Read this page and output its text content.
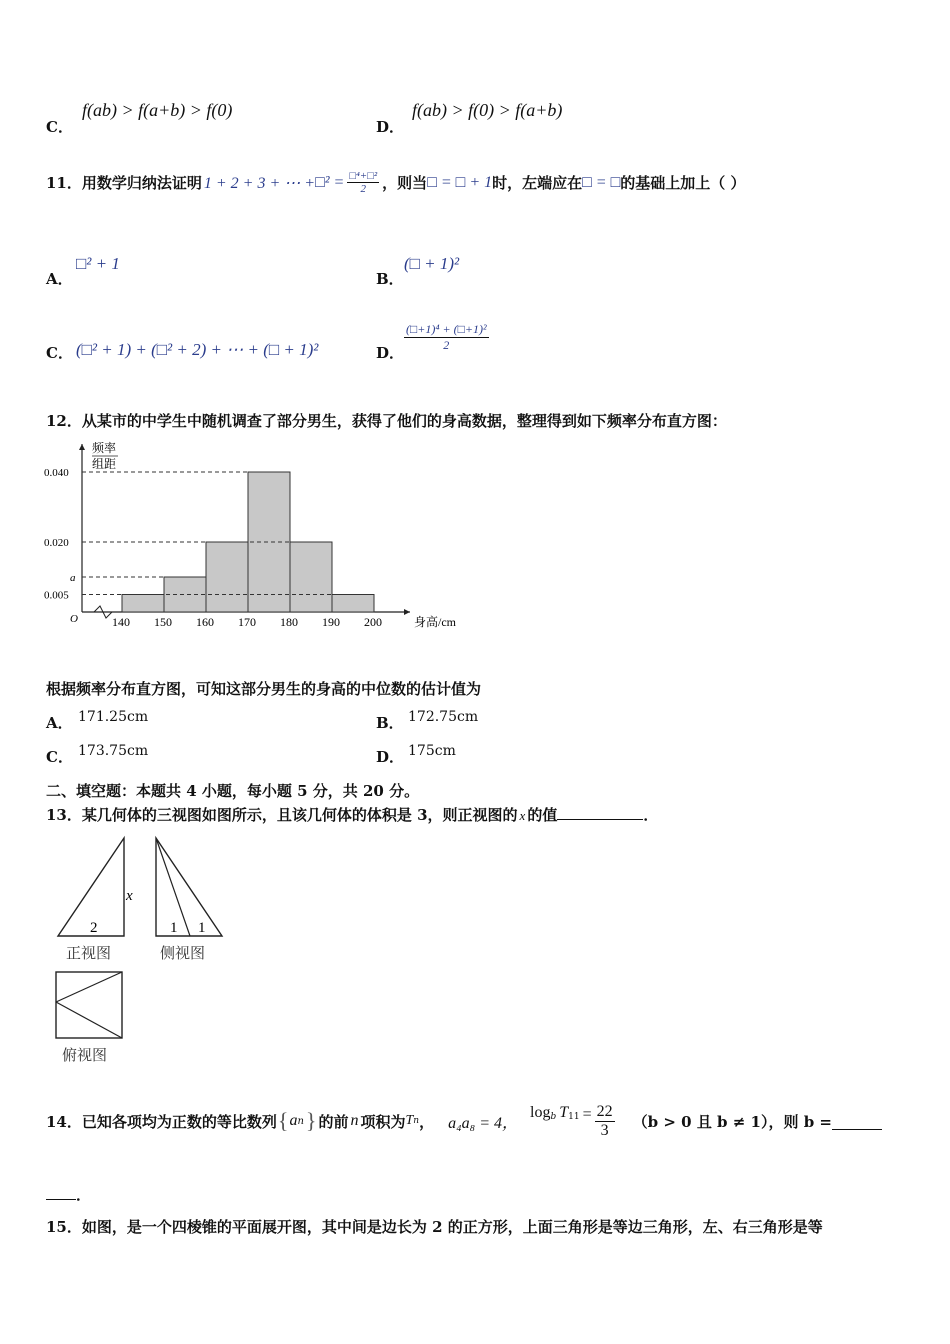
C．
f(ab) > f(a+b) > f(0)
D．
f(ab) > f(0) > f(a+b)
11．用数学归纳法证明 1 + 2 + 3 + ⋯ + □² = $\frac{\text{□⁴+□²}}{2}$ ，则当 □ = □ + 1 时，左端应在 □ = □ 的基础上加上（ ）
A．
□² + 1
B．
(□ + 1)²
C． (□² + 1) + (□² + 2) + ⋯ + (□ + 1)²	D． $\frac{\text{(□+1)⁴ + (□+1)²}}{2}$
12．从某市的中学生中随机调查了部分男生，获得了他们的身高数据，整理得到如下频率分布直方图：
频率
组距
O
0.040
0.020
a
0.005
140 150 160 170 180 190 200	身高/cm
根据频率分布直方图，可知这部分男生的身高的中位数的估计值为
A． 171.25cm	B． 172.75cm
C． 173.75cm	D． 175cm
二、填空题：本题共 4 小题，每小题 5 分，共 20 分。
13．某几何体的三视图如图所示，且该几何体的体积是 3，则正视图的 x 的值	．
2
x
正视图
1 1
侧视图
俯视图
14．已知各项均为正数的等比数列 { a n } 的前 n 项积为 T n ， a₄a₈ = 4，
$\log_b T_{11} = \frac{22}{3} (b > 0$ 且 b ≠ 1），则 b =
．
15．如图，是一个四棱锥的平面展开图，其中间是边长为 2 的正方形，上面三角形是等边三角形，左、右三角形是等
